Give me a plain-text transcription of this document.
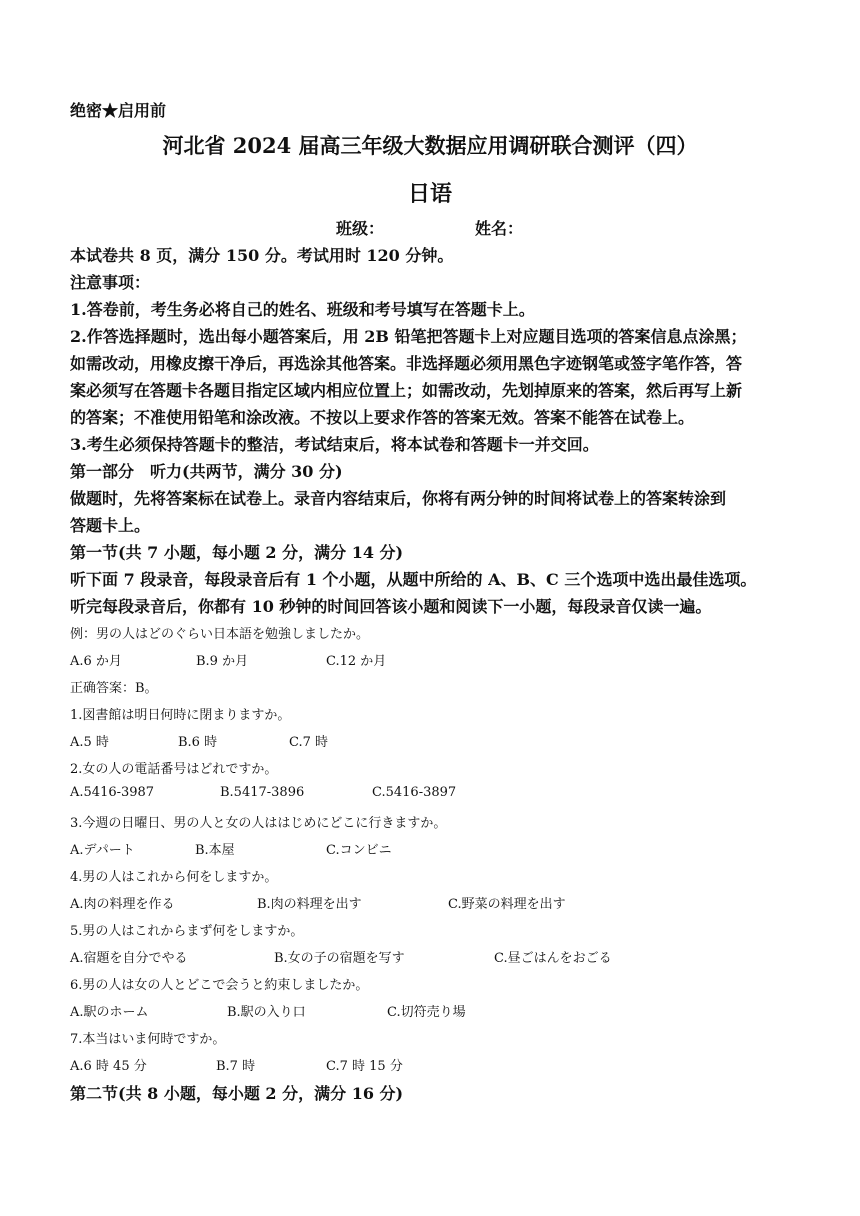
绝密★启用前
河北省 2024 届高三年级大数据应用调研联合测评（四）
日语
班级：	姓名：
本试卷共 8 页，满分 150 分。考试用时 120 分钟。
注意事项：
1.答卷前，考生务必将自己的姓名、班级和考号填写在答题卡上。
2.作答选择题时，选出每小题答案后，用 2B 铅笔把答题卡上对应题目选项的答案信息点涂黑；
如需改动，用橡皮擦干净后，再选涂其他答案。非选择题必须用黑色字迹钢笔或签字笔作答，答
案必须写在答题卡各题目指定区域内相应位置上；如需改动，先划掉原来的答案，然后再写上新
的答案；不准使用铅笔和涂改液。不按以上要求作答的答案无效。答案不能答在试卷上。
3.考生必须保持答题卡的整洁，考试结束后，将本试卷和答题卡一并交回。
第一部分　听力(共两节，满分 30 分)
做题时，先将答案标在试卷上。录音内容结束后，你将有两分钟的时间将试卷上的答案转涂到
答题卡上。
第一节(共 7 小题，每小题 2 分，满分 14 分)
听下面 7 段录音，每段录音后有 1 个小题，从题中所给的 A、B、C 三个选项中选出最佳选项。
听完每段录音后，你都有 10 秒钟的时间回答该小题和阅读下一小题，每段录音仅读一遍。
例：男の人はどのぐらい日本語を勉強しましたか。
A.6 か月	B.9 か月	C.12 か月
正确答案：B。
1.図書館は明日何時に閉まりますか。
A.5 時	B.6 時	C.7 時
2.女の人の電話番号はどれですか。
A.5416-3987	B.5417-3896	C.5416-3897
3.今週の日曜日、男の人と女の人ははじめにどこに行きますか。
A.デパート	B.本屋	C.コンビニ
4.男の人はこれから何をしますか。
A.肉の料理を作る	B.肉の料理を出す	C.野菜の料理を出す
5.男の人はこれからまず何をしますか。
A.宿題を自分でやる	B.女の子の宿題を写す	C.昼ごはんをおごる
6.男の人は女の人とどこで会うと約束しましたか。
A.駅のホーム	B.駅の入り口	C.切符売り場
7.本当はいま何時ですか。
A.6 時 45 分	B.7 時	C.7 時 15 分
第二节(共 8 小题，每小题 2 分，满分 16 分)
